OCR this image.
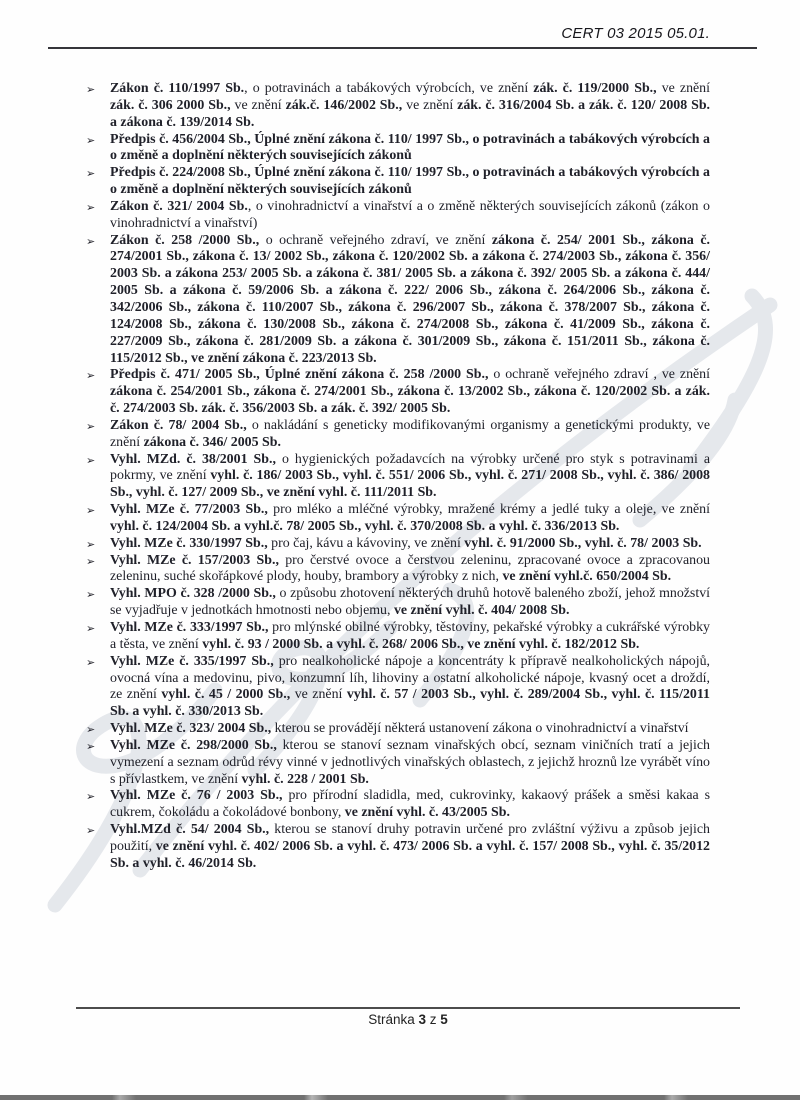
CERT 03 2015 05.01.
➢ Zákon č. 110/1997 Sb., o potravinách a tabákových výrobcích, ve znění zák. č. 119/2000 Sb., ve znění zák. č. 306 2000 Sb., ve znění zák.č. 146/2002 Sb., ve znění zák. č. 316/2004 Sb. a zák. č. 120/ 2008 Sb. a zákona č. 139/2014 Sb.
➢ Předpis č. 456/2004 Sb., Úplné znění zákona č. 110/ 1997 Sb., o potravinách a tabákových výrobcích a o změně a doplnění některých souvisejících zákonů
➢ Předpis č. 224/2008 Sb., Úplné znění zákona č. 110/ 1997 Sb., o potravinách a tabákových výrobcích a o změně a doplnění některých souvisejících zákonů
➢ Zákon č. 321/ 2004 Sb., o vinohradnictví a vinařství a o změně některých souvisejících zákonů (zákon o vinohradnictví a vinařství)
➢ Zákon č. 258 /2000 Sb., o ochraně veřejného zdraví, ve znění zákona č. 254/ 2001 Sb., zákona č. 274/2001 Sb., zákona č. 13/ 2002 Sb., zákona č. 120/2002 Sb. a zákona č. 274/2003 Sb., zákona č. 356/ 2003 Sb. a zákona 253/ 2005 Sb. a zákona č. 381/ 2005 Sb. a zákona č. 392/ 2005 Sb. a zákona č. 444/ 2005 Sb. a zákona č. 59/2006 Sb. a zákona č. 222/ 2006 Sb., zákona č. 264/2006 Sb., zákona č. 342/2006 Sb., zákona č. 110/2007 Sb., zákona č. 296/2007 Sb., zákona č. 378/2007 Sb., zákona č. 124/2008 Sb., zákona č. 130/2008 Sb., zákona č. 274/2008 Sb., zákona č. 41/2009 Sb., zákona č. 227/2009 Sb., zákona č. 281/2009 Sb. a zákona č. 301/2009 Sb., zákona č. 151/2011 Sb., zákona č. 115/2012 Sb., ve znění zákona č. 223/2013 Sb.
➢ Předpis č. 471/ 2005 Sb., Úplné znění zákona č. 258 /2000 Sb., o ochraně veřejného zdraví , ve znění zákona č. 254/2001 Sb., zákona č. 274/2001 Sb., zákona č. 13/2002 Sb., zákona č. 120/2002 Sb. a zák. č. 274/2003 Sb. zák. č. 356/2003 Sb. a zák. č. 392/ 2005 Sb.
➢ Zákon č. 78/ 2004 Sb., o nakládání s geneticky modifikovanými organismy a genetickými produkty, ve znění zákona č. 346/ 2005 Sb.
➢ Vyhl. MZd. č. 38/2001 Sb., o hygienických požadavcích na výrobky určené pro styk s potravinami a pokrmy, ve znění vyhl. č. 186/ 2003 Sb., vyhl. č. 551/ 2006 Sb., vyhl. č. 271/ 2008 Sb., vyhl. č. 386/ 2008 Sb., vyhl. č. 127/ 2009 Sb., ve znění vyhl. č. 111/2011 Sb.
➢ Vyhl. MZe č. 77/2003 Sb., pro mléko a mléčné výrobky, mražené krémy a jedlé tuky a oleje, ve znění vyhl. č. 124/2004 Sb. a vyhl.č. 78/ 2005 Sb., vyhl. č. 370/2008 Sb. a vyhl. č. 336/2013 Sb.
➢ Vyhl. MZe č. 330/1997 Sb., pro čaj, kávu a kávoviny, ve znění vyhl. č. 91/2000 Sb., vyhl. č. 78/ 2003 Sb.
➢ Vyhl. MZe č. 157/2003 Sb., pro čerstvé ovoce a čerstvou zeleninu, zpracované ovoce a zpracovanou zeleninu, suché skořápkové plody, houby, brambory a výrobky z nich, ve znění vyhl.č. 650/2004 Sb.
➢ Vyhl. MPO č. 328 /2000 Sb., o způsobu zhotovení některých druhů hotově baleného zboží, jehož množství se vyjadřuje v jednotkách hmotnosti nebo objemu, ve znění vyhl. č. 404/ 2008 Sb.
➢ Vyhl. MZe č. 333/1997 Sb., pro mlýnské obilné výrobky, těstoviny, pekařské výrobky a cukrářské výrobky a těsta, ve znění vyhl. č. 93 / 2000 Sb. a vyhl. č. 268/ 2006 Sb., ve znění vyhl. č. 182/2012 Sb.
➢ Vyhl. MZe č. 335/1997 Sb., pro nealkoholické nápoje a koncentráty k přípravě nealkoholických nápojů, ovocná vína a medovinu, pivo, konzumní líh, lihoviny a ostatní alkoholické nápoje, kvasný ocet a droždí, ze znění vyhl. č. 45 / 2000 Sb., ve znění vyhl. č. 57 / 2003 Sb., vyhl. č. 289/2004 Sb., vyhl. č. 115/2011 Sb. a vyhl. č. 330/2013 Sb.
➢ Vyhl. MZe č. 323/ 2004 Sb., kterou se provádějí některá ustanovení zákona o vinohradnictví a vinařství
➢ Vyhl. MZe č. 298/2000 Sb., kterou se stanoví seznam vinařských obcí, seznam viničních tratí a jejich vymezení a seznam odrůd révy vinné v jednotlivých vinařských oblastech, z jejichž hroznů lze vyrábět víno s přívlastkem, ve znění vyhl. č. 228 / 2001 Sb.
➢ Vyhl. MZe č. 76 / 2003 Sb., pro přírodní sladidla, med, cukrovinky, kakaový prášek a směsi kakaa s cukrem, čokoládu a čokoládové bonbony, ve znění vyhl. č. 43/2005 Sb.
➢ Vyhl.MZd č. 54/ 2004 Sb., kterou se stanoví druhy potravin určené pro zvláštní výživu a způsob jejich použití, ve znění vyhl. č. 402/ 2006 Sb. a vyhl. č. 473/ 2006 Sb. a vyhl. č. 157/ 2008 Sb., vyhl. č. 35/2012 Sb. a vyhl. č. 46/2014 Sb.
Stránka 3 z 5
